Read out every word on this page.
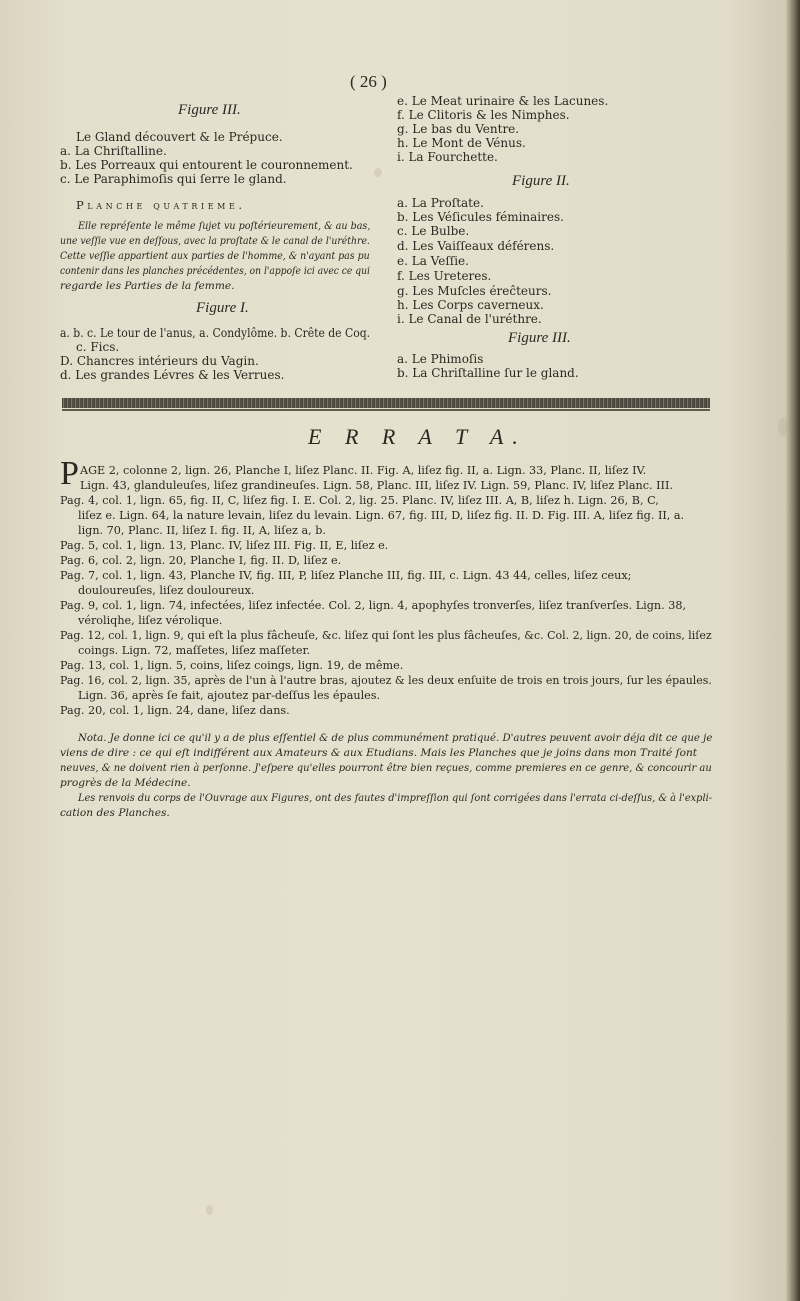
( 26 )
Figure III.
Le Gland découvert & le Prépuce.
a. La Chriſtalline.
b. Les Porreaux qui entourent le couronnement.
c. Le Paraphimoſis qui ſerre le gland.
Planche quatrieme.
Elle repréſente le même ſujet vu poſtérieurement, & au bas,
une veſſie vue en deſſous, avec la proſtate & le canal de l'uréthre.
Cette veſſie appartient aux parties de l'homme, & n'ayant pas pu
contenir dans les planches précédentes, on l'appoſe ici avec ce qui
regarde les Parties de la femme.
Figure I.
a. b. c. Le tour de l'anus, a. Condylôme. b. Crête de Coq.
c. Fics.
D. Chancres intérieurs du Vagin.
d. Les grandes Lévres & les Verrues.
e. Le Meat urinaire & les Lacunes.
f. Le Clitoris & les Nimphes.
g. Le bas du Ventre.
h. Le Mont de Vénus.
i. La Fourchette.
Figure II.
a. La Proſtate.
b. Les Véſicules féminaires.
c. Le Bulbe.
d. Les Vaiſſeaux déférens.
e. La Veſſie.
f. Les Ureteres.
g. Les Muſcles éreĉteurs.
h. Les Corps caverneux.
i. Le Canal de l'uréthre.
Figure III.
a. Le Phimoſis
b. La Chriſtalline ſur le gland.
E R R A T A.
P AGE 2, colonne 2, lign. 26, Planche I, liſez Planc. II. Fig. A, liſez fig. II, a. Lign. 33, Planc. II, liſez IV.
Lign. 43, glanduleuſes, liſez grandineuſes. Lign. 58, Planc. III, liſez IV. Lign. 59, Planc. IV, liſez Planc. III.
Pag. 4, col. 1, lign. 65, fig. II, C, liſez fig. I. E. Col. 2, lig. 25. Planc. IV, liſez III. A, B, liſez h. Lign. 26, B, C,
liſez e. Lign. 64, la nature levain, liſez du levain. Lign. 67, fig. III, D, liſez fig. II. D. Fig. III. A, liſez fig. II, a.
lign. 70, Planc. II, liſez I. fig. II, A, liſez a, b.
Pag. 5, col. 1, lign. 13, Planc. IV, liſez III. Fig. II, E, liſez e.
Pag. 6, col. 2, lign. 20, Planche I, fig. II. D, liſez e.
Pag. 7, col. 1, lign. 43, Planche IV, fig. III, P, liſez Planche III, fig. III, c. Lign. 43 44, celles, liſez ceux;
douloureuſes, liſez douloureux.
Pag. 9, col. 1, lign. 74, infectées, liſez infectée. Col. 2, lign. 4, apophyſes tronverſes, liſez tranſverſes. Lign. 38,
véroliqhe, liſez vérolique.
Pag. 12, col. 1, lign. 9, qui eſt la plus fâcheuſe, &c. liſez qui ſont les plus fâcheuſes, &c. Col. 2, lign. 20, de coins, liſez
coings. Lign. 72, maſſetes, liſez maſſeter.
Pag. 13, col. 1, lign. 5, coins, liſez coings, lign. 19, de même.
Pag. 16, col. 2, lign. 35, après de l'un à l'autre bras, ajoutez & les deux enſuite de trois en trois jours, ſur les épaules.
Lign. 36, après ſe fait, ajoutez par-deſſus les épaules.
Pag. 20, col. 1, lign. 24, dane, liſez dans.
Nota. Je donne ici ce qu'il y a de plus eſſentiel & de plus communément pratiqué. D'autres peuvent avoir déja dit ce que je
viens de dire : ce qui eſt indifférent aux Amateurs & aux Etudians. Mais les Planches que je joins dans mon Traité ſont
neuves, & ne doivent rien à perſonne. J'eſpere qu'elles pourront être bien reçues, comme premieres en ce genre, & concourir au
progrès de la Médecine.
Les renvois du corps de l'Ouvrage aux Figures, ont des fautes d'impreſſion qui ſont corrigées dans l'errata ci-deſſus, & à l'expli-
cation des Planches.
